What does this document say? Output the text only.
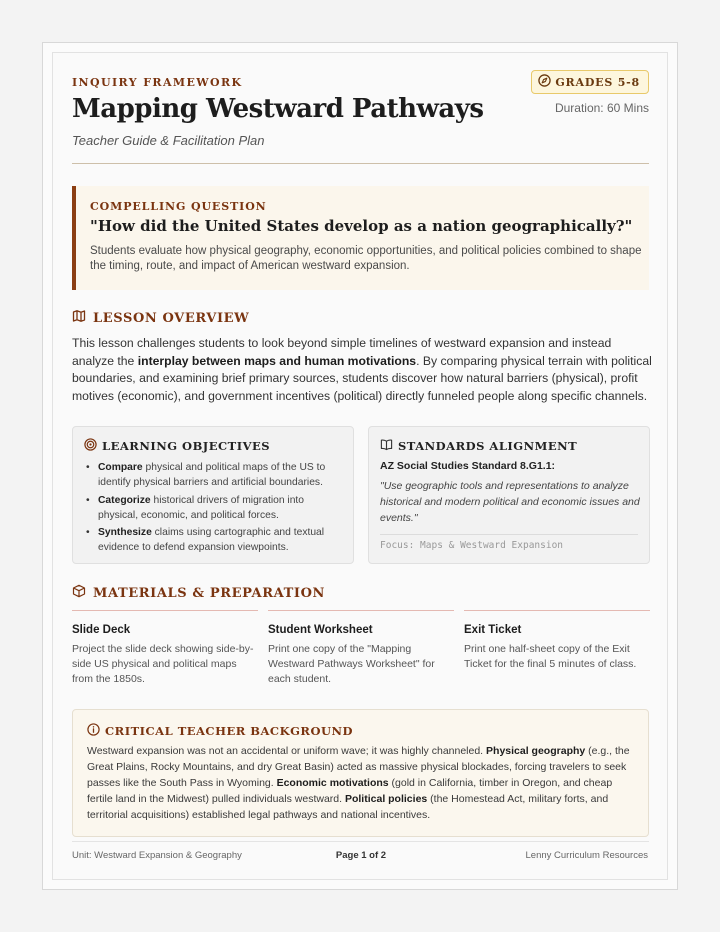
INQUIRY FRAMEWORK
Mapping Westward Pathways
Teacher Guide & Facilitation Plan
GRADES 5-8
Duration: 60 Mins
COMPELLING QUESTION
"How did the United States develop as a nation geographically?"
Students evaluate how physical geography, economic opportunities, and political policies combined to shape the timing, route, and impact of American westward expansion.
LESSON OVERVIEW

This lesson challenges students to look beyond simple timelines of westward expansion and instead analyze the interplay between maps and human motivations. By comparing physical terrain with political boundaries, and examining brief primary sources, students discover how natural barriers (physical), profit motives (economic), and government incentives (political) directly funneled people along specific channels.

LEARNING OBJECTIVES
• Compare physical and political maps of the US to identify physical barriers and artificial boundaries.
• Categorize historical drivers of migration into physical, economic, and political forces.
• Synthesize claims using cartographic and textual evidence to defend expansion viewpoints.
STANDARDS ALIGNMENT
AZ Social Studies Standard 8.G1.1:
"Use geographic tools and representations to analyze historical and modern political and economic issues and events."
Focus: Maps & Westward Expansion
MATERIALS & PREPARATION
Slide Deck
Project the slide deck showing side-by-side US physical and political maps from the 1850s.
Student Worksheet
Print one copy of the "Mapping Westward Pathways Worksheet" for each student.
Exit Ticket
Print one half-sheet copy of the Exit Ticket for the final 5 minutes of class.
CRITICAL TEACHER BACKGROUND

Westward expansion was not an accidental or uniform wave; it was highly channeled. Physical geography (e.g., the Great Plains, Rocky Mountains, and dry Great Basin) acted as massive physical blockades, forcing travelers to seek passes like the South Pass in Wyoming. Economic motivations (gold in California, timber in Oregon, and cheap fertile land in the Midwest) pulled individuals westward. Political policies (the Homestead Act, military forts, and territorial acquisitions) established legal pathways and national incentives.

Unit: Westward Expansion & Geography	Page 1 of 2	Lenny Curriculum Resources
